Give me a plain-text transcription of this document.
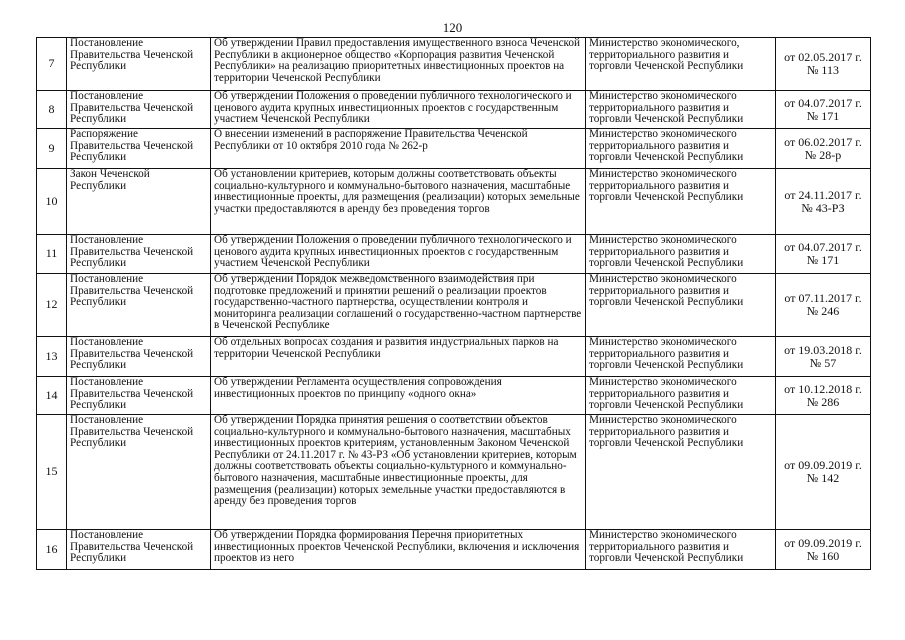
120
7	Постановление Правительства Чеченской Республики	Об утверждении Правил предоставления имущественного взноса Чеченской Республики в акционерное общество «Корпорация развития Чеченской Республики» на реализацию приоритетных инвестиционных проектов на территории Чеченской Республики	Министерство экономического, территориального развития и торговли Чеченской Республики	от 02.05.2017 г. № 113
8	Постановление Правительства Чеченской Республики	Об утверждении Положения о проведении публичного технологического и ценового аудита крупных инвестиционных проектов с государственным участием Чеченской Республики	Министерство экономического территориального развития и торговли Чеченской Республики	от 04.07.2017 г. № 171
9	Распоряжение Правительства Чеченской Республики	О внесении изменений в распоряжение Правительства Чеченской Республики от 10 октября 2010 года № 262-р	Министерство экономического территориального развития и торговли Чеченской Республики	от 06.02.2017 г. № 28-р
10	Закон Чеченской Республики	Об установлении критериев, которым должны соответствовать объекты социально-культурного и коммунально-бытового назначения, масштабные инвестиционные проекты, для размещения (реализации) которых земельные участки предоставляются в аренду без проведения торгов	Министерство экономического территориального развития и торговли Чеченской Республики	от 24.11.2017 г. № 43-РЗ
11	Постановление Правительства Чеченской Республики	Об утверждении Положения о проведении публичного технологического и ценового аудита крупных инвестиционных проектов с государственным участием Чеченской Республики	Министерство экономического территориального развития и торговли Чеченской Республики	от 04.07.2017 г. № 171
12	Постановление Правительства Чеченской Республики	Об утверждении Порядок межведомственного взаимодействия при подготовке предложений и принятии решений о реализации проектов государственно-частного партнерства, осуществлении контроля и мониторинга реализации соглашений о государственно-частном партнерстве в Чеченской Республике	Министерство экономического территориального развития и торговли Чеченской Республики	от 07.11.2017 г. № 246
13	Постановление Правительства Чеченской Республики	Об отдельных вопросах создания и развития индустриальных парков на территории Чеченской Республики	Министерство экономического территориального развития и торговли Чеченской Республики	от 19.03.2018 г. № 57
14	Постановление Правительства Чеченской Республики	Об утверждении Регламента осуществления сопровождения инвестиционных проектов по принципу «одного окна»	Министерство экономического территориального развития и торговли Чеченской Республики	от 10.12.2018 г. № 286
15	Постановление Правительства Чеченской Республики	Об утверждении Порядка принятия решения о соответствии объектов социально-культурного и коммунально-бытового назначения, масштабных инвестиционных проектов критериям, установленным Законом Чеченской Республики от 24.11.2017 г. № 43-РЗ «Об установлении критериев, которым должны соответствовать объекты социально-культурного и коммунально-бытового назначения, масштабные инвестиционные проекты, для размещения (реализации) которых земельные участки предоставляются в аренду без проведения торгов	Министерство экономического территориального развития и торговли Чеченской Республики	от 09.09.2019 г. № 142
16	Постановление Правительства Чеченской Республики	Об утверждении Порядка формирования Перечня приоритетных инвестиционных проектов Чеченской Республики, включения и исключения проектов из него	Министерство экономического территориального развития и торговли Чеченской Республики	от 09.09.2019 г. № 160
